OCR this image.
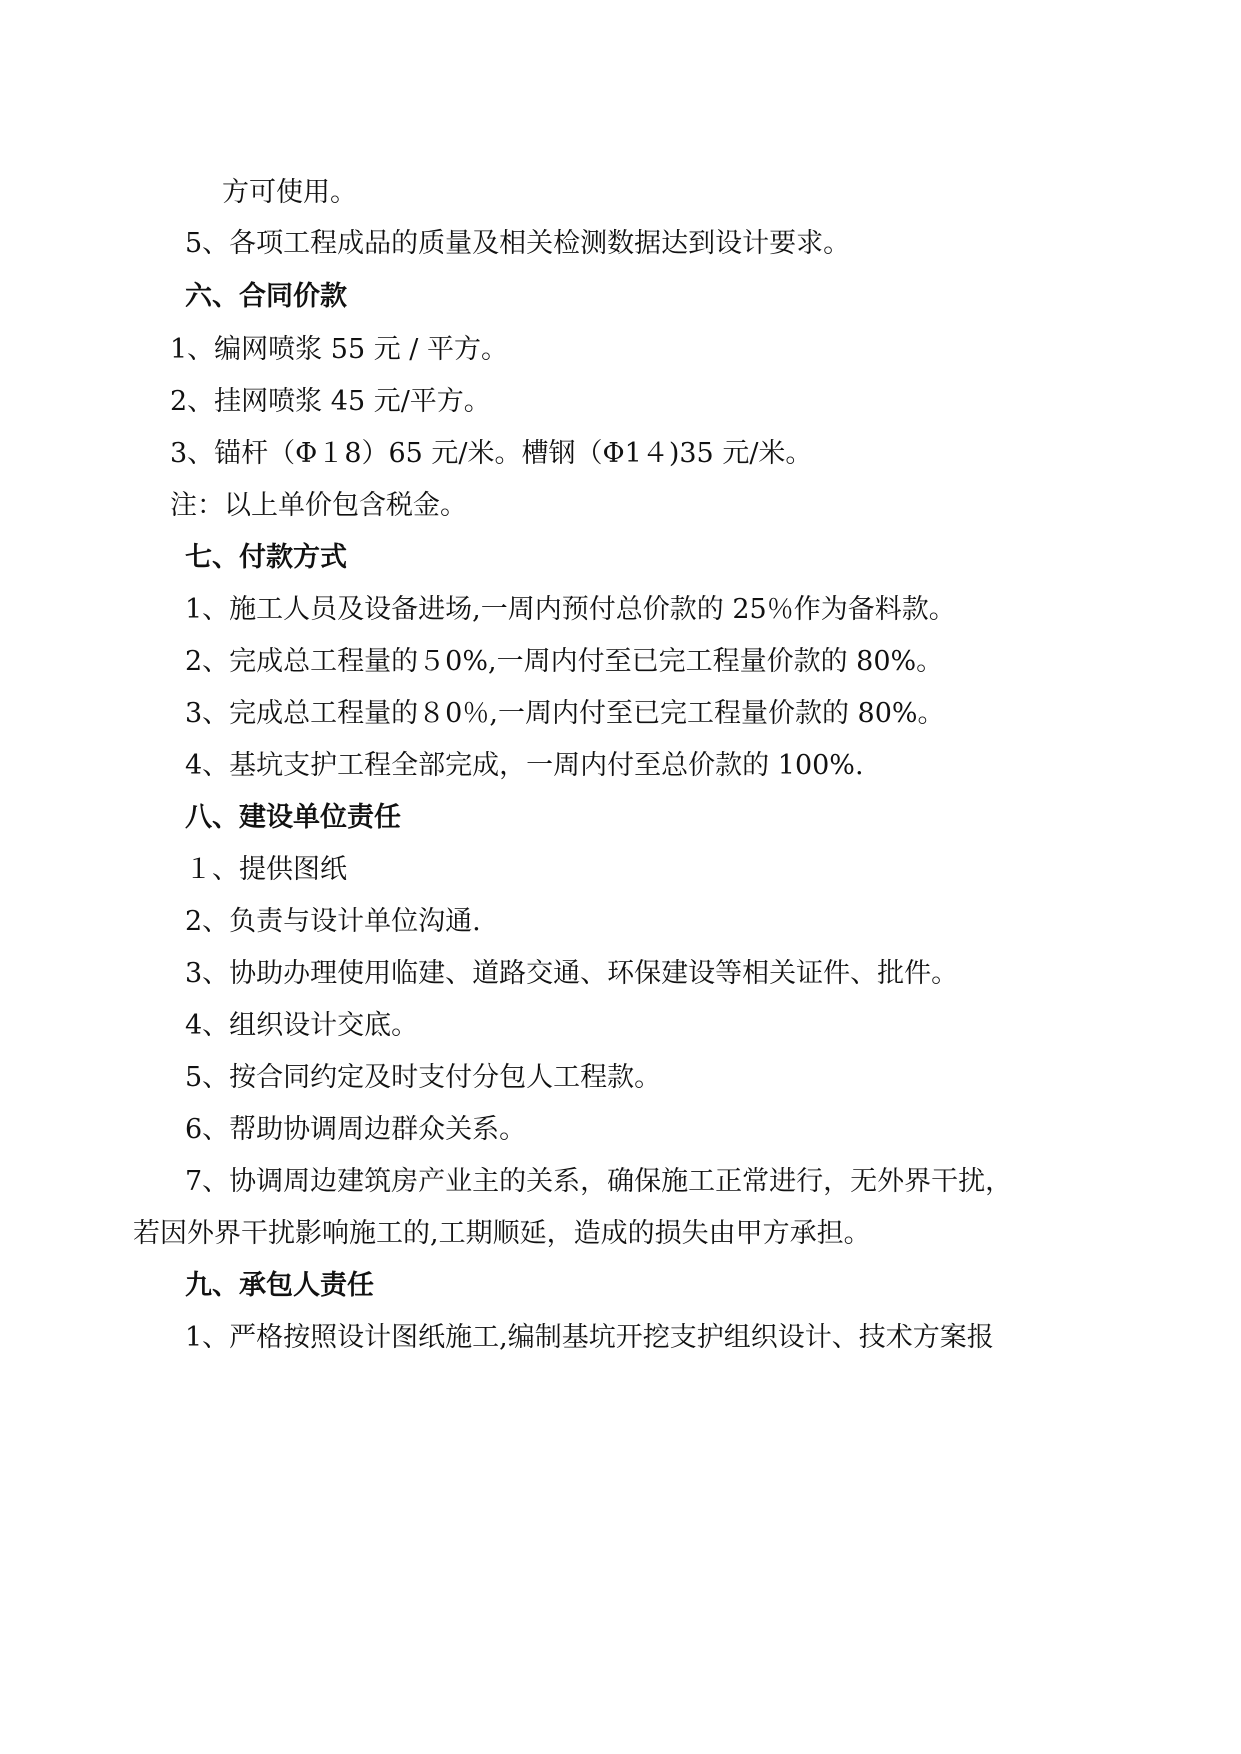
方可使用。

5、各项工程成品的质量及相关检测数据达到设计要求。

六、合同价款

1、编网喷浆 55 元 / 平方。

2、挂网喷浆 45 元/平方。

3、锚杆（Φ１8）65 元/米。槽钢（Φ1４)35 元/米。

注：以上单价包含税金。

七、付款方式

1、施工人员及设备进场,一周内预付总价款的 25％作为备料款。

2、完成总工程量的５0%,一周内付至已完工程量价款的 80%。

3、完成总工程量的８0％,一周内付至已完工程量价款的 80%。

4、基坑支护工程全部完成，一周内付至总价款的 100%.

八、建设单位责任

１、提供图纸

2、负责与设计单位沟通.

3、协助办理使用临建、道路交通、环保建设等相关证件、批件。

4、组织设计交底。

5、按合同约定及时支付分包人工程款。

6、帮助协调周边群众关系。

7、协调周边建筑房产业主的关系，确保施工正常进行，无外界干扰，

若因外界干扰影响施工的,工期顺延，造成的损失由甲方承担。

九、承包人责任

1、严格按照设计图纸施工,编制基坑开挖支护组织设计、技术方案报
